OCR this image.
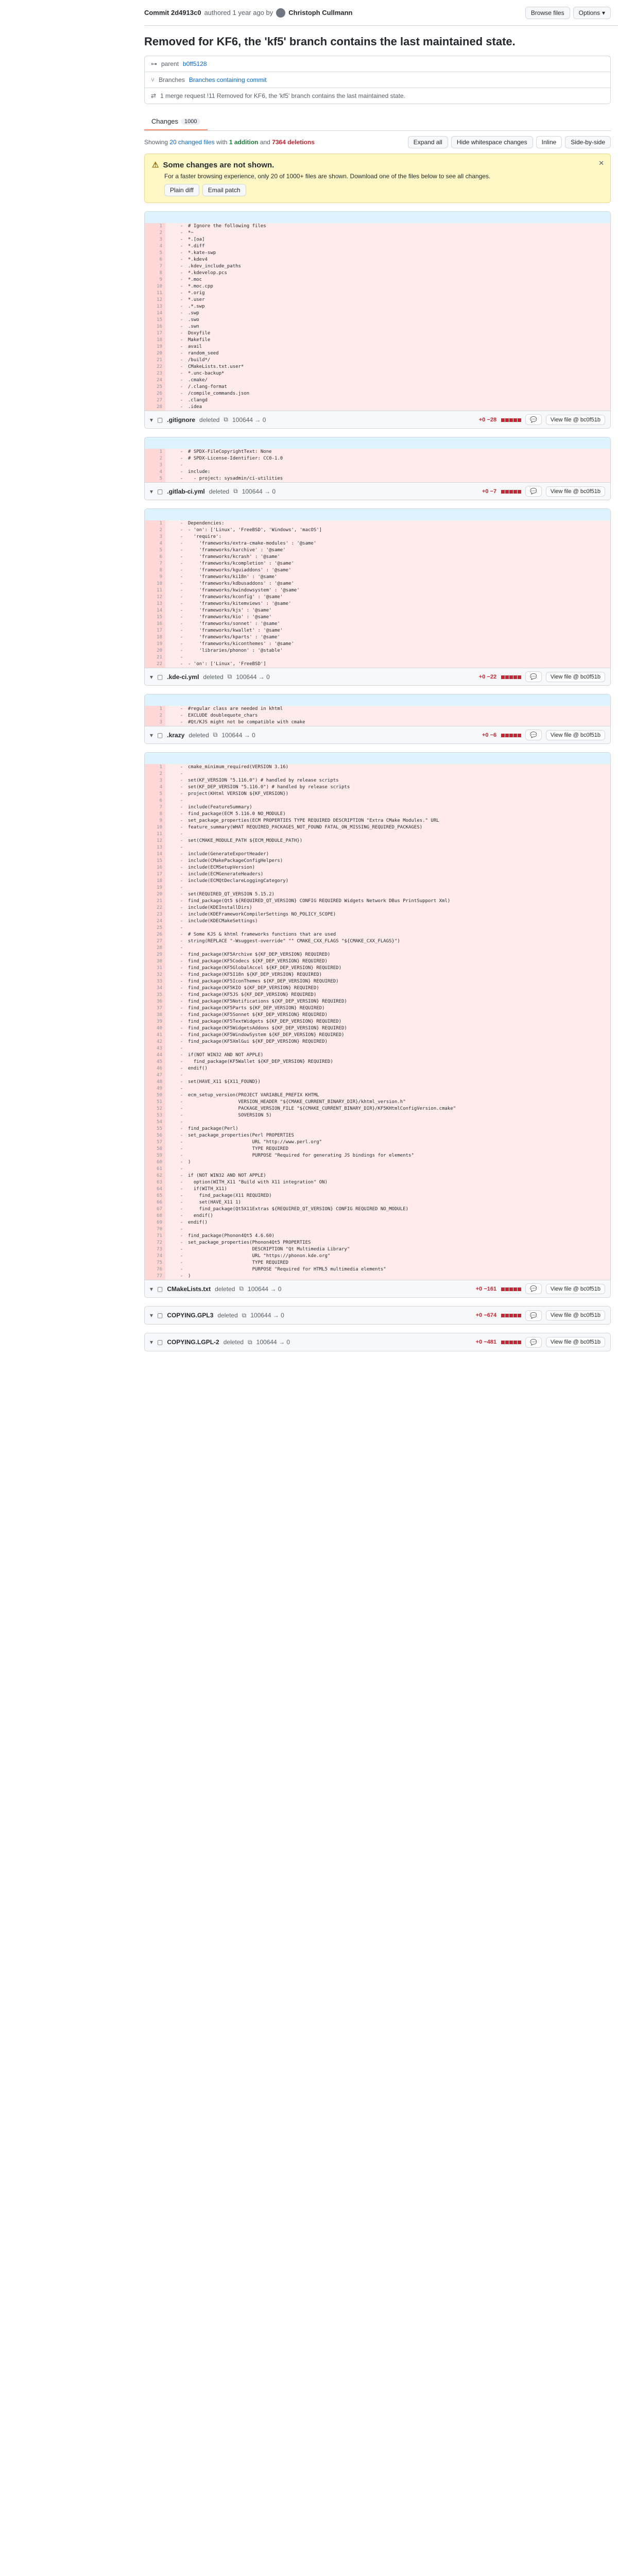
Commit 2d4913c0 authored 1 year ago by Christoph Cullmann	Browse files	Options ▾
Removed for KF6, the 'kf5' branch contains the last maintained state.
⊶ parent b0ff5128
⑂ Branches Branches containing commit
⇄ 1 merge request !11 Removed for KF6, the 'kf5' branch contains the last maintained state.
Changes	1000
Showing 20 changed files with 1 addition and 7364 deletions	Expand all	Hide whitespace changes	Inline	Side-by-side
⚠ Some changes are not shown.

For a faster browsing experience, only 20 of 1000+ files are shown. Download one of the files below to see all changes.

Plain diff	Email patch
✕
1	-	# Ignore the following files
2	-	*~
3	-	*.[oa]
4	-	*.diff
5	-	*.kate-swp
6	-	*.kdev4
7	-	.kdev_include_paths
8	-	*.kdevelop.pcs
9	-	*.moc
10	-	*.moc.cpp
11	-	*.orig
12	-	*.user
13	-	.*.swp
14	-	.swp
15	-	.swo
16	-	.swn
17	-	Doxyfile
18	-	Makefile
19	-	avail
20	-	random_seed
21	-	/build*/
22	-	CMakeLists.txt.user*
23	-	*.unc-backup*
24	-	.cmake/
25	-	/.clang-format
26	-	/compile_commands.json
27	-	.clangd
28	-	.idea
▾ ▢ .gitignore deleted ⧉ 100644 → 0	+0 −28	💬	View file @ bc0f51b
1	-	# SPDX-FileCopyrightText: None
2	-	# SPDX-License-Identifier: CC0-1.0
3	-
4	-	include:
5	-	- project: sysadmin/ci-utilities
▾ ▢ .gitlab-ci.yml deleted ⧉ 100644 → 0	+0 −7	💬	View file @ bc0f51b
1	-	Dependencies:
2	-	- 'on': ['Linux', 'FreeBSD', 'Windows', 'macOS']
3	-	'require':
4	-	'frameworks/extra-cmake-modules' : '@same'
5	-	'frameworks/karchive' : '@same'
6	-	'frameworks/kcrash' : '@same'
7	-	'frameworks/kcompletion' : '@same'
8	-	'frameworks/kguiaddons' : '@same'
9	-	'frameworks/ki18n' : '@same'
10	-	'frameworks/kdbusaddons' : '@same'
11	-	'frameworks/kwindowsystem' : '@same'
12	-	'frameworks/kconfig' : '@same'
13	-	'frameworks/kitemviews' : '@same'
14	-	'frameworks/kjs' : '@same'
15	-	'frameworks/kio' : '@same'
16	-	'frameworks/sonnet' : '@same'
17	-	'frameworks/kwallet' : '@same'
18	-	'frameworks/kparts' : '@same'
19	-	'frameworks/kiconthemes' : '@same'
20	-	'libraries/phonon' : '@stable'
21	-
22	-	- 'on': ['Linux', 'FreeBSD']
▾ ▢ .kde-ci.yml deleted ⧉ 100644 → 0	+0 −22	💬	View file @ bc0f51b
1	-	#regular class are needed in khtml
2	-	EXCLUDE doublequote_chars
3	-	#Qt/KJS might not be compatible with cmake
▾ ▢ .krazy deleted ⧉ 100644 → 0	+0 −6	💬	View file @ bc0f51b
1	-	cmake_minimum_required(VERSION 3.16)
2	-
3	-	set(KF_VERSION "5.116.0") # handled by release scripts
4	-	set(KF_DEP_VERSION "5.116.0") # handled by release scripts
5	-	project(KHtml VERSION ${KF_VERSION})
6	-
7	-	include(FeatureSummary)
8	-	find_package(ECM 5.116.0 NO_MODULE)
9	-	set_package_properties(ECM PROPERTIES TYPE REQUIRED DESCRIPTION "Extra CMake Modules." URL
10	-	feature_summary(WHAT REQUIRED_PACKAGES_NOT_FOUND FATAL_ON_MISSING_REQUIRED_PACKAGES)
11	-
12	-	set(CMAKE_MODULE_PATH ${ECM_MODULE_PATH})
13	-
14	-	include(GenerateExportHeader)
15	-	include(CMakePackageConfigHelpers)
16	-	include(ECMSetupVersion)
17	-	include(ECMGenerateHeaders)
18	-	include(ECMQtDeclareLoggingCategory)
19	-
20	-	set(REQUIRED_QT_VERSION 5.15.2)
21	-	find_package(Qt5 ${REQUIRED_QT_VERSION} CONFIG REQUIRED Widgets Network DBus PrintSupport Xml)
22	-	include(KDEInstallDirs)
23	-	include(KDEFrameworkCompilerSettings NO_POLICY_SCOPE)
24	-	include(KDECMakeSettings)
25	-
26	-	# Some KJS & khtml frameworks functions that are used
27	-	string(REPLACE "-Wsuggest-override" "" CMAKE_CXX_FLAGS "${CMAKE_CXX_FLAGS}")
28	-
29	-	find_package(KF5Archive ${KF_DEP_VERSION} REQUIRED)
30	-	find_package(KF5Codecs ${KF_DEP_VERSION} REQUIRED)
31	-	find_package(KF5GlobalAccel ${KF_DEP_VERSION} REQUIRED)
32	-	find_package(KF5I18n ${KF_DEP_VERSION} REQUIRED)
33	-	find_package(KF5IconThemes ${KF_DEP_VERSION} REQUIRED)
34	-	find_package(KF5KIO ${KF_DEP_VERSION} REQUIRED)
35	-	find_package(KF5JS ${KF_DEP_VERSION} REQUIRED)
36	-	find_package(KF5Notifications ${KF_DEP_VERSION} REQUIRED)
37	-	find_package(KF5Parts ${KF_DEP_VERSION} REQUIRED)
38	-	find_package(KF5Sonnet ${KF_DEP_VERSION} REQUIRED)
39	-	find_package(KF5TextWidgets ${KF_DEP_VERSION} REQUIRED)
40	-	find_package(KF5WidgetsAddons ${KF_DEP_VERSION} REQUIRED)
41	-	find_package(KF5WindowSystem ${KF_DEP_VERSION} REQUIRED)
42	-	find_package(KF5XmlGui ${KF_DEP_VERSION} REQUIRED)
43	-
44	-	if(NOT WIN32 AND NOT APPLE)
45	-	find_package(KF5Wallet ${KF_DEP_VERSION} REQUIRED)
46	-	endif()
47	-
48	-	set(HAVE_X11 ${X11_FOUND})
49	-
50	-	ecm_setup_version(PROJECT VARIABLE_PREFIX KHTML
51	-	VERSION_HEADER "${CMAKE_CURRENT_BINARY_DIR}/khtml_version.h"
52	-	PACKAGE_VERSION_FILE "${CMAKE_CURRENT_BINARY_DIR}/KF5KHtmlConfigVersion.cmake"
53	-	SOVERSION 5)
54	-
55	-	find_package(Perl)
56	-	set_package_properties(Perl PROPERTIES
57	-	URL "http://www.perl.org"
58	-	TYPE REQUIRED
59	-	PURPOSE "Required for generating JS bindings for elements"
60	-	)
61	-
62	-	if (NOT WIN32 AND NOT APPLE)
63	-	option(WITH_X11 "Build with X11 integration" ON)
64	-	if(WITH_X11)
65	-	find_package(X11 REQUIRED)
66	-	set(HAVE_X11 1)
67	-	find_package(Qt5X11Extras ${REQUIRED_QT_VERSION} CONFIG REQUIRED NO_MODULE)
68	-	endif()
69	-	endif()
70	-
71	-	find_package(Phonon4Qt5 4.6.60)
72	-	set_package_properties(Phonon4Qt5 PROPERTIES
73	-	DESCRIPTION "Qt Multimedia Library"
74	-	URL "https://phonon.kde.org"
75	-	TYPE REQUIRED
76	-	PURPOSE "Required for HTML5 multimedia elements"
77	-	)
▾ ▢ CMakeLists.txt deleted ⧉ 100644 → 0	+0 −161	💬	View file @ bc0f51b
▾ ▢ COPYING.GPL3 deleted ⧉ 100644 → 0	+0 −674	💬	View file @ bc0f51b
▾ ▢ COPYING.LGPL-2 deleted ⧉ 100644 → 0	+0 −481	💬	View file @ bc0f51b
